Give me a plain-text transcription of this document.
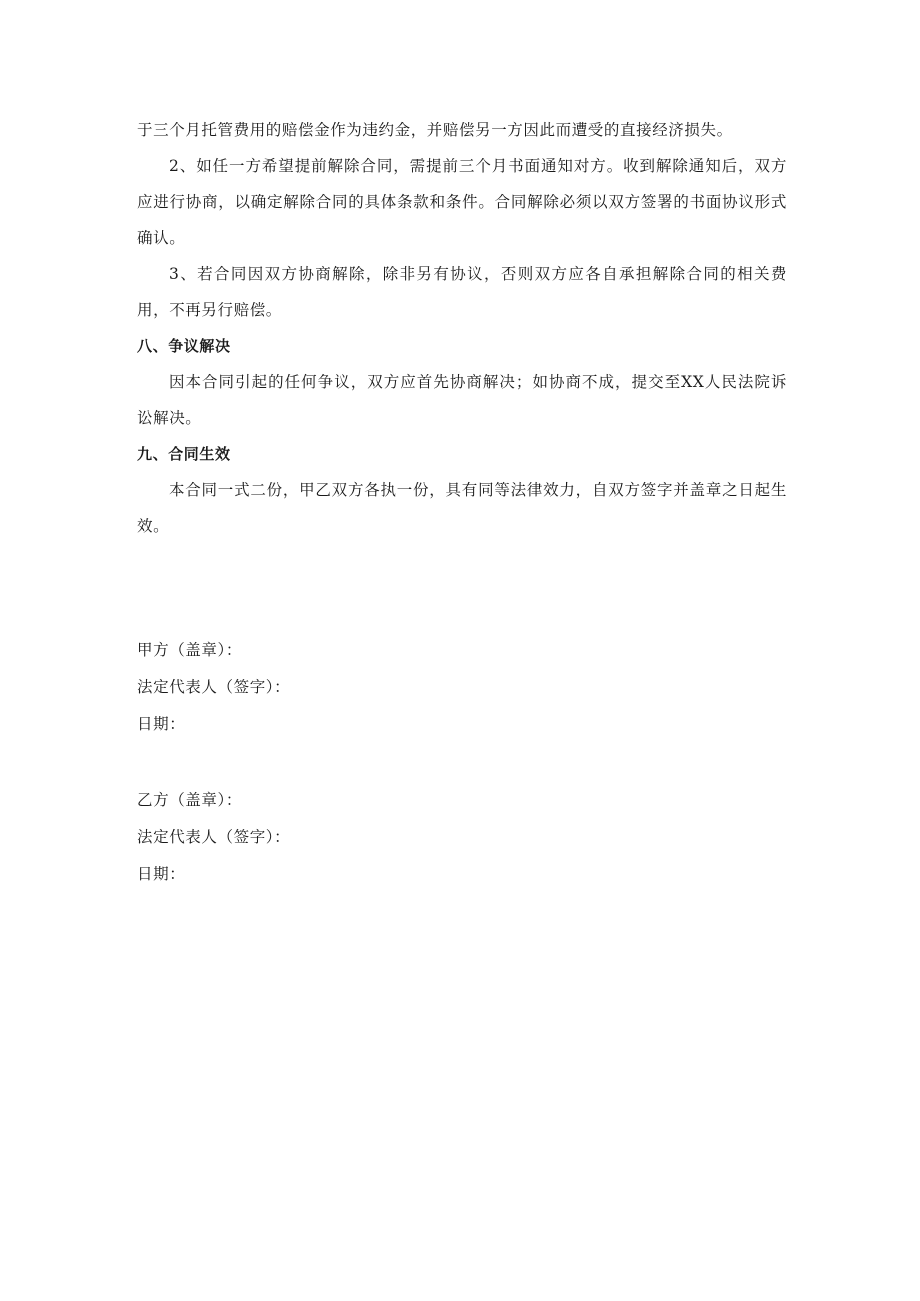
于三个月托管费用的赔偿金作为违约金，并赔偿另一方因此而遭受的直接经济损失。

2、如任一方希望提前解除合同，需提前三个月书面通知对方。收到解除通知后，双方应进行协商，以确定解除合同的具体条款和条件。合同解除必须以双方签署的书面协议形式确认。

3、若合同因双方协商解除，除非另有协议，否则双方应各自承担解除合同的相关费用，不再另行赔偿。

八、争议解决

因本合同引起的任何争议，双方应首先协商解决；如协商不成，提交至XX人民法院诉讼解决。

九、合同生效

本合同一式二份，甲乙双方各执一份，具有同等法律效力，自双方签字并盖章之日起生效。

甲方（盖章）：

法定代表人（签字）：

日期：

乙方（盖章）：

法定代表人（签字）：

日期：
